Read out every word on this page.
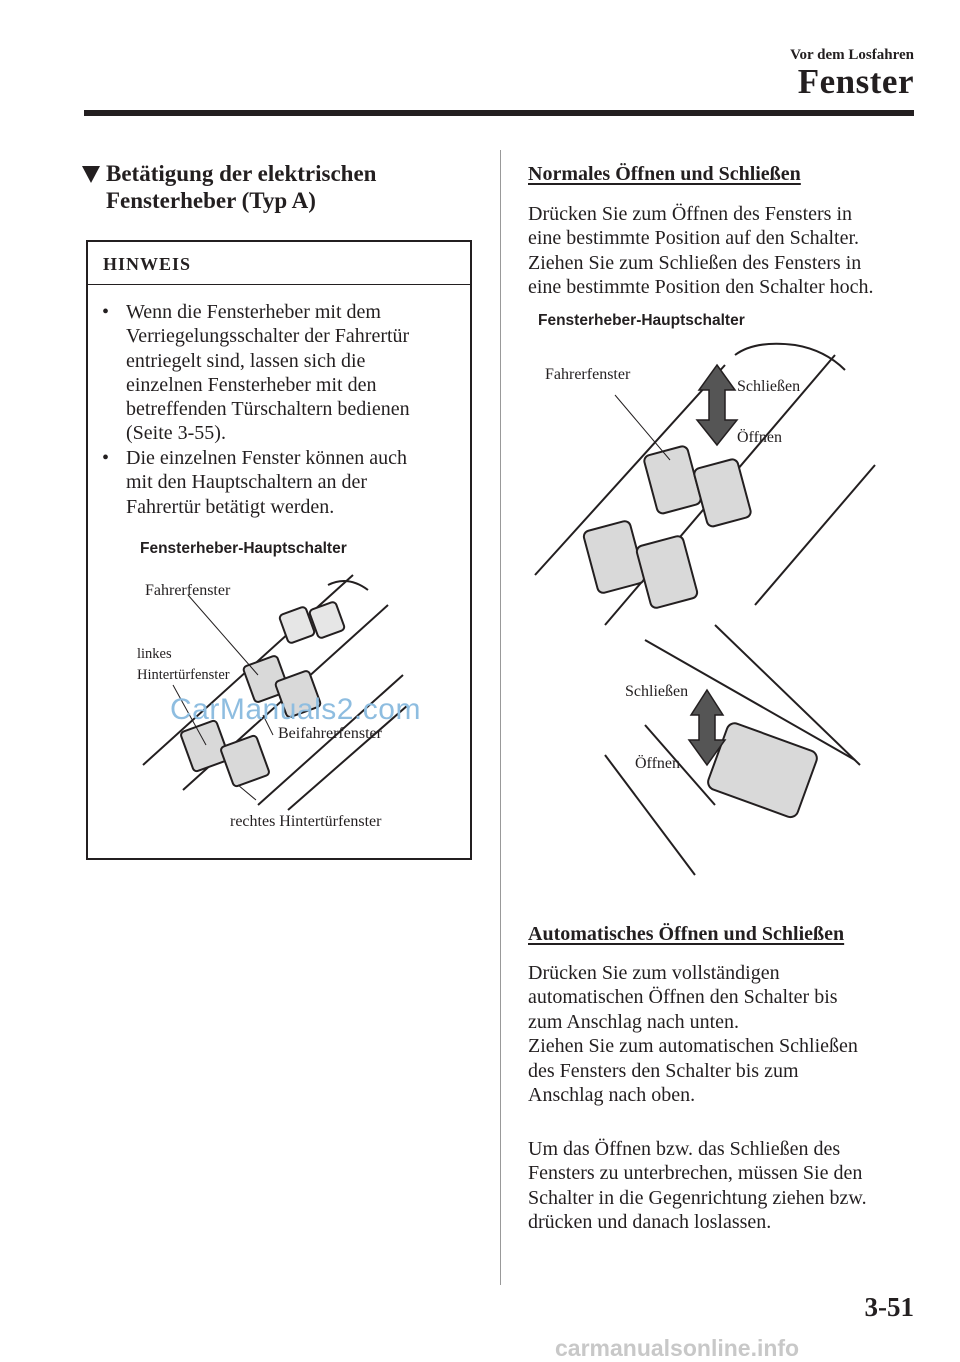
Vor dem Losfahren
Fenster
Betätigung der elektrischen
Fensterheber (Typ A)
HINWEIS
• Wenn die Fensterheber mit dem
Verriegelungsschalter der Fahrertür
entriegelt sind, lassen sich die
einzelnen Fensterheber mit den
betreffenden Türschaltern bedienen
(Seite 3-55).
• Die einzelnen Fenster können auch
mit den Hauptschaltern an der
Fahrertür betätigt werden.
Fensterheber-Hauptschalter
Fahrerfenster
linkes
Hintertürfenster
Beifahrerfenster
rechtes Hintertürfenster
CarManuals2.com
Normales Öffnen und Schließen
Drücken Sie zum Öffnen des Fensters in
eine bestimmte Position auf den Schalter.
Ziehen Sie zum Schließen des Fensters in
eine bestimmte Position den Schalter hoch.
Fensterheber-Hauptschalter
Fahrerfenster
Schließen
Öffnen
Schließen
Öffnen
Automatisches Öffnen und Schließen
Drücken Sie zum vollständigen
automatischen Öffnen den Schalter bis
zum Anschlag nach unten.
Ziehen Sie zum automatischen Schließen
des Fensters den Schalter bis zum
Anschlag nach oben.
Um das Öffnen bzw. das Schließen des
Fensters zu unterbrechen, müssen Sie den
Schalter in die Gegenrichtung ziehen bzw.
drücken und danach loslassen.
3-51
carmanualsonline.info
